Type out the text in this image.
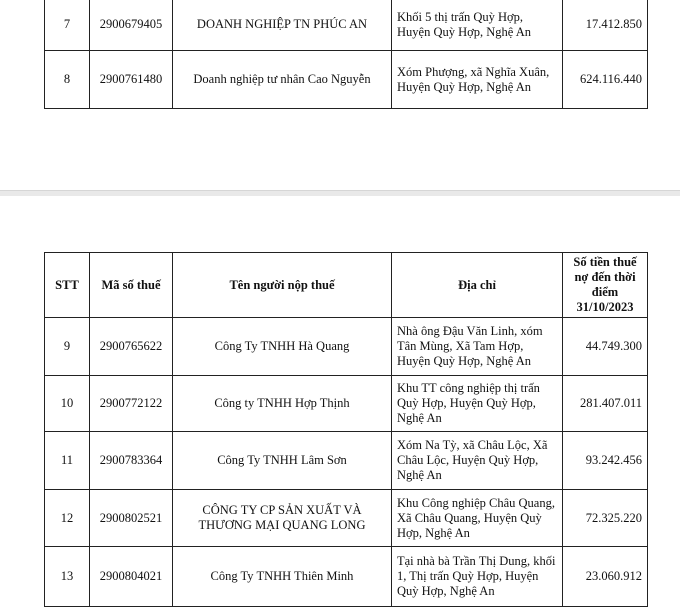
7	2900679405	DOANH NGHIỆP TN PHÚC AN	Khối 5 thị trấn Quỳ Hợp, Huyện Quỳ Hợp, Nghệ An	17.412.850
8	2900761480	Doanh nghiệp tư nhân Cao Nguyễn	Xóm Phượng, xã Nghĩa Xuân, Huyện Quỳ Hợp, Nghệ An	624.116.440
STT	Mã số thuế	Tên người nộp thuế	Địa chỉ	Số tiền thuế nợ đến thời điểm 31/10/2023
9	2900765622	Công Ty TNHH Hà Quang	Nhà ông Đậu Văn Linh, xóm Tân Mùng, Xã Tam Hợp, Huyện Quỳ Hợp, Nghệ An	44.749.300
10	2900772122	Công ty TNHH Hợp Thịnh	Khu TT công nghiệp thị trấn Quỳ Hợp, Huyện Quỳ Hợp, Nghệ An	281.407.011
11	2900783364	Công Ty TNHH Lâm Sơn	Xóm Na Tỳ, xã Châu Lộc, Xã Châu Lộc, Huyện Quỳ Hợp, Nghệ An	93.242.456
12	2900802521	CÔNG TY CP SẢN XUẤT VÀ THƯƠNG MẠI QUANG LONG	Khu Công nghiệp Châu Quang, Xã Châu Quang, Huyện Quỳ Hợp, Nghệ An	72.325.220
13	2900804021	Công Ty TNHH Thiên Minh	Tại nhà bà Trần Thị Dung, khối 1, Thị trấn Quỳ Hợp, Huyện Quỳ Hợp, Nghệ An	23.060.912
